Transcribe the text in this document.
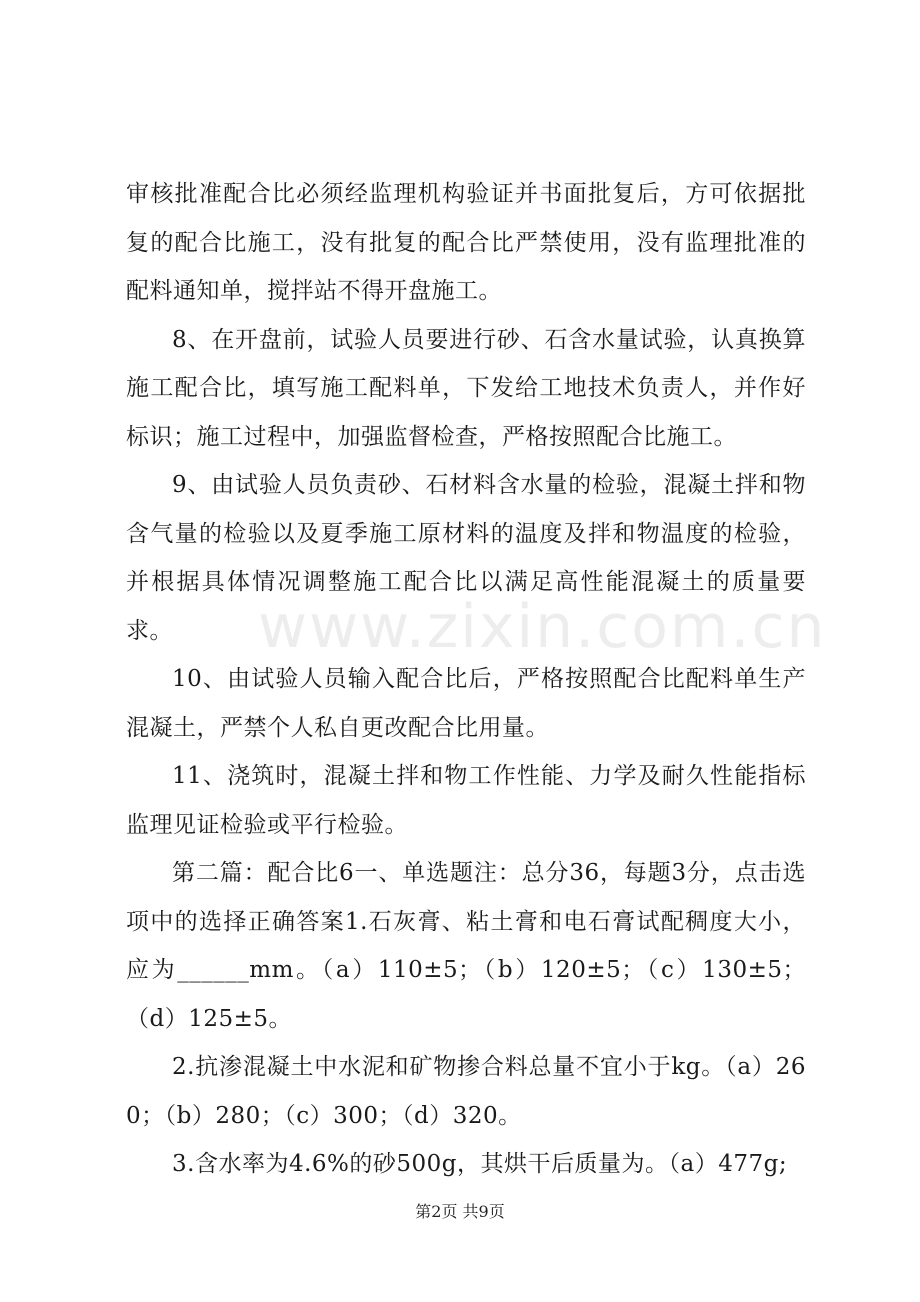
审核批准配合比必须经监理机构验证并书面批复后，方可依据批复的配合比施工，没有批复的配合比严禁使用，没有监理批准的配料通知单，搅拌站不得开盘施工。

8、在开盘前，试验人员要进行砂、石含水量试验，认真换算施工配合比，填写施工配料单，下发给工地技术负责人，并作好标识；施工过程中，加强监督检查，严格按照配合比施工。

9、由试验人员负责砂、石材料含水量的检验，混凝土拌和物含气量的检验以及夏季施工原材料的温度及拌和物温度的检验，并根据具体情况调整施工配合比以满足高性能混凝土的质量要求。

10、由试验人员输入配合比后，严格按照配合比配料单生产混凝土，严禁个人私自更改配合比用量。

11、浇筑时，混凝土拌和物工作性能、力学及耐久性能指标监理见证检验或平行检验。

第二篇：配合比6一、单选题注：总分36，每题3分，点击选项中的选择正确答案1.石灰膏、粘土膏和电石膏试配稠度大小，应为______mm。（a）110±5；（b）120±5；（c）130±5；（d）125±5。

2.抗渗混凝土中水泥和矿物掺合料总量不宜小于kg。（a）260；（b）280；（c）300；（d）320。

3.含水率为4.6%的砂500g，其烘干后质量为。（a）477g;

www.zixin.com.cn
第2页 共9页
